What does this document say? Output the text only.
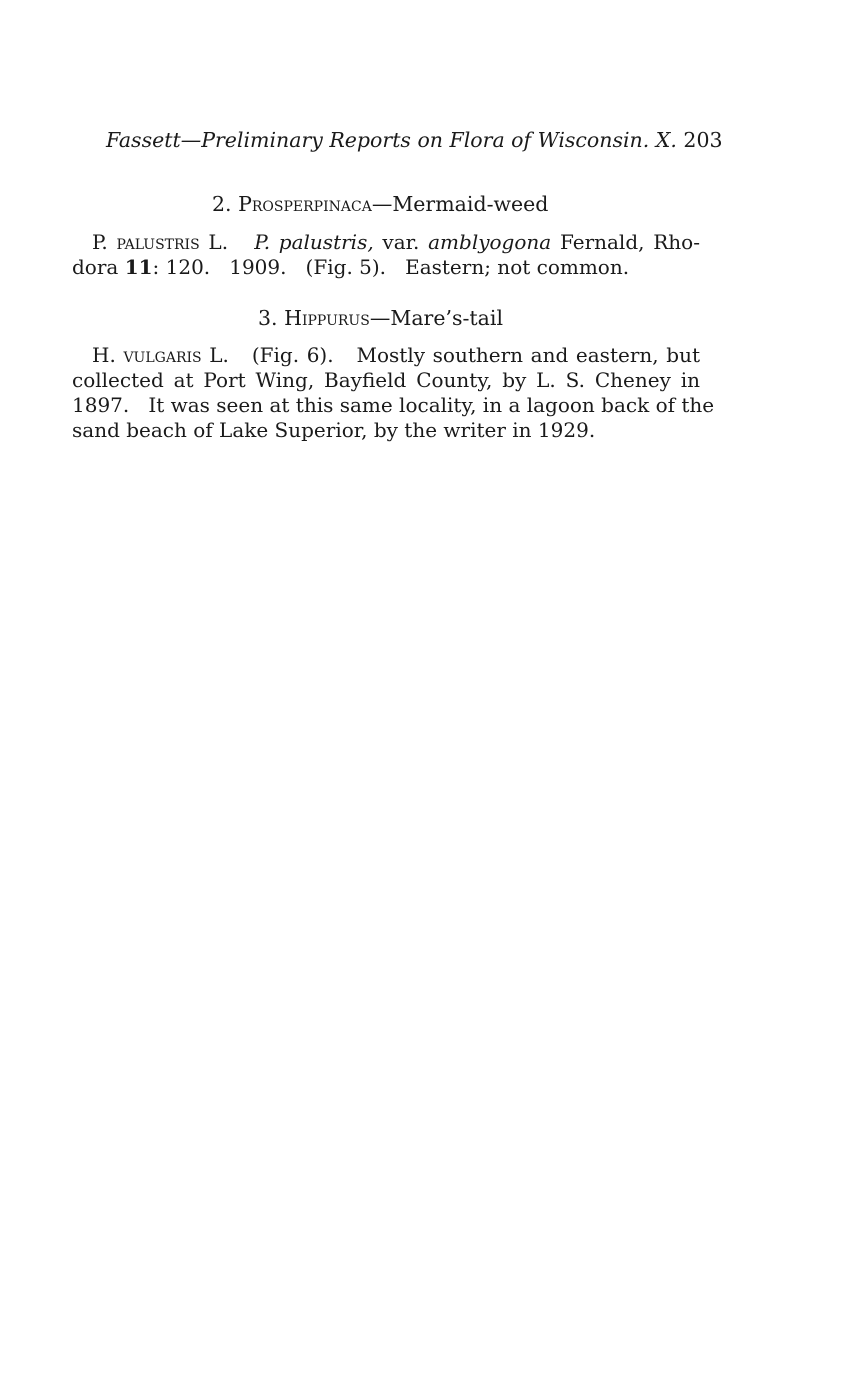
Fassett—Preliminary Reports on Flora of Wisconsin. X. 203
2. Prosperpinaca—Mermaid-weed
P. palustris L. P. palustris, var. amblyogona Fernald, Rho-
dora 11: 120.   1909.   (Fig. 5).   Eastern; not common.
3. Hippurus—Mare’s-tail
H. vulgaris L.   (Fig. 6).   Mostly southern and eastern, but
collected at Port Wing, Bayfield County, by L. S. Cheney in
1897.   It was seen at this same locality, in a lagoon back of the
sand beach of Lake Superior, by the writer in 1929.
